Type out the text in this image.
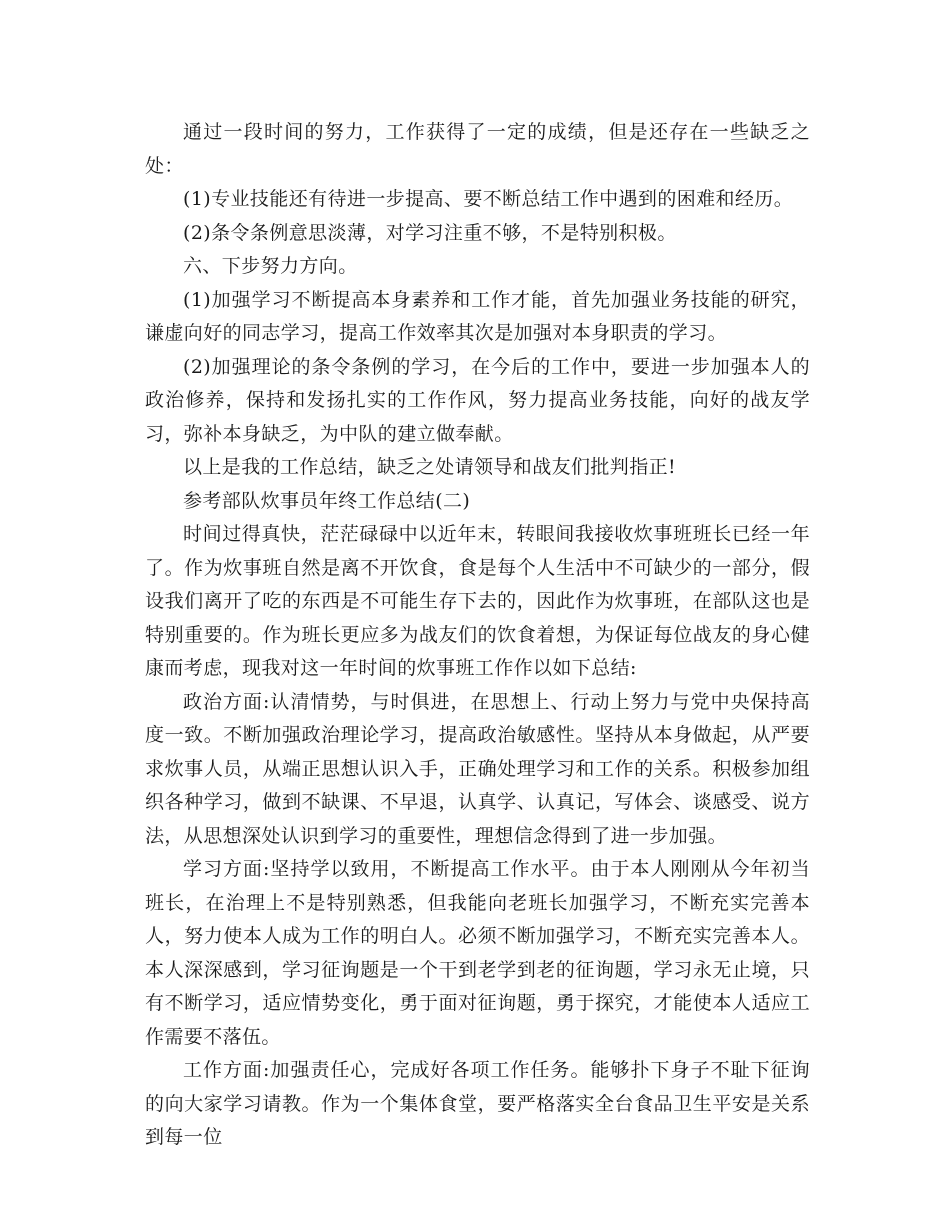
通过一段时间的努力，工作获得了一定的成绩，但是还存在一些缺乏之处：

(1)专业技能还有待进一步提高、要不断总结工作中遇到的困难和经历。

(2)条令条例意思淡薄，对学习注重不够，不是特别积极。

六、下步努力方向。

(1)加强学习不断提高本身素养和工作才能，首先加强业务技能的研究，谦虚向好的同志学习，提高工作效率其次是加强对本身职责的学习。

(2)加强理论的条令条例的学习，在今后的工作中，要进一步加强本人的政治修养，保持和发扬扎实的工作作风，努力提高业务技能，向好的战友学习，弥补本身缺乏，为中队的建立做奉献。

以上是我的工作总结，缺乏之处请领导和战友们批判指正!

参考部队炊事员年终工作总结(二)

时间过得真快，茫茫碌碌中以近年末，转眼间我接收炊事班班长已经一年了。作为炊事班自然是离不开饮食，食是每个人生活中不可缺少的一部分，假设我们离开了吃的东西是不可能生存下去的，因此作为炊事班，在部队这也是特别重要的。作为班长更应多为战友们的饮食着想，为保证每位战友的身心健康而考虑，现我对这一年时间的炊事班工作作以如下总结:

政治方面:认清情势，与时俱进，在思想上、行动上努力与党中央保持高度一致。不断加强政治理论学习，提高政治敏感性。坚持从本身做起，从严要求炊事人员，从端正思想认识入手，正确处理学习和工作的关系。积极参加组织各种学习，做到不缺课、不早退，认真学、认真记，写体会、谈感受、说方法，从思想深处认识到学习的重要性，理想信念得到了进一步加强。

学习方面:坚持学以致用，不断提高工作水平。由于本人刚刚从今年初当班长，在治理上不是特别熟悉，但我能向老班长加强学习，不断充实完善本人，努力使本人成为工作的明白人。必须不断加强学习，不断充实完善本人。本人深深感到，学习征询题是一个干到老学到老的征询题，学习永无止境，只有不断学习，适应情势变化，勇于面对征询题，勇于探究，才能使本人适应工作需要不落伍。

工作方面:加强责任心，完成好各项工作任务。能够扑下身子不耻下征询的向大家学习请教。作为一个集体食堂，要严格落实全台食品卫生平安是关系到每一位
